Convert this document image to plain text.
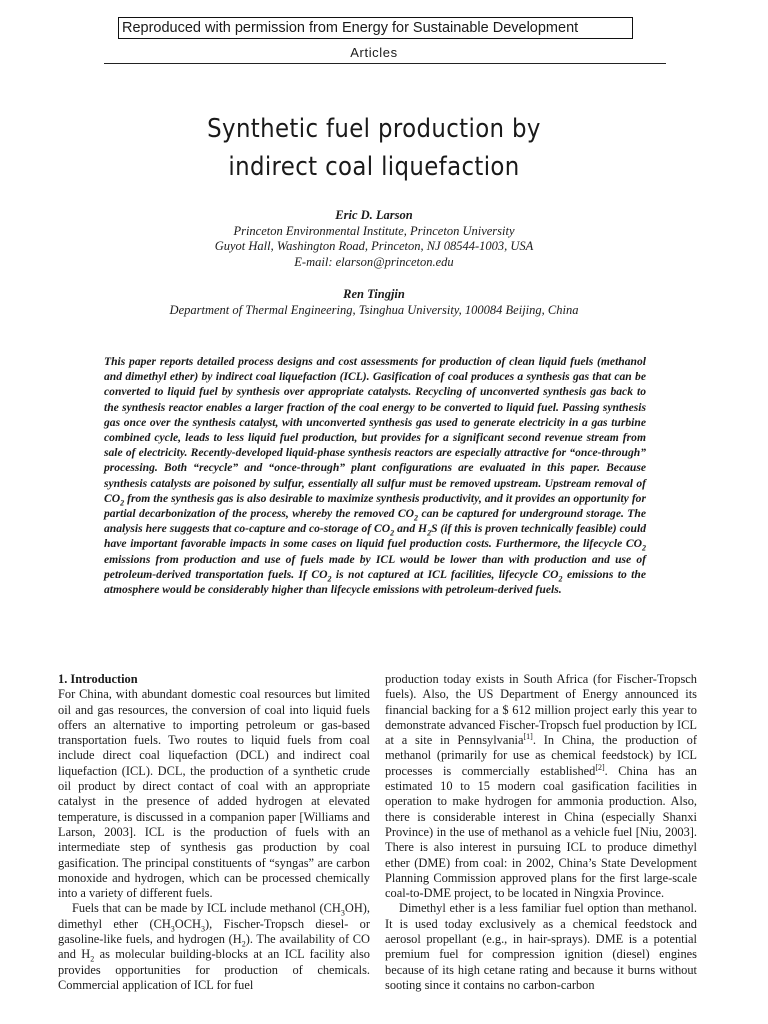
Reproduced with permission from Energy for Sustainable Development
Articles
Synthetic fuel production by
indirect coal liquefaction
Eric D. Larson
Princeton Environmental Institute, Princeton University
Guyot Hall, Washington Road, Princeton, NJ 08544-1003, USA
E-mail: elarson@princeton.edu
Ren Tingjin
Department of Thermal Engineering, Tsinghua University, 100084 Beijing, China

This paper reports detailed process designs and cost assessments for production of clean liquid fuels (methanol and dimethyl ether) by indirect coal liquefaction (ICL). Gasification of coal produces a synthesis gas that can be converted to liquid fuel by synthesis over appropriate catalysts. Recycling of unconverted synthesis gas back to the synthesis reactor enables a larger fraction of the coal energy to be converted to liquid fuel. Passing synthesis gas once over the synthesis catalyst, with unconverted synthesis gas used to generate electricity in a gas turbine combined cycle, leads to less liquid fuel production, but provides for a significant second revenue stream from sale of electricity. Recently-developed liquid-phase synthesis reactors are especially attractive for “once-through” processing. Both “recycle” and “once-through” plant configurations are evaluated in this paper. Because synthesis catalysts are poisoned by sulfur, essentially all sulfur must be removed upstream. Upstream removal of $CO_2$ from the synthesis gas is also desirable to maximize synthesis productivity, and it provides an opportunity for partial decarbonization of the process, whereby the removed $CO_2$ can be captured for underground storage. The analysis here suggests that co-capture and co-storage of $CO_2$ and $H_2S$ (if this is proven technically feasible) could have important favorable impacts in some cases on liquid fuel production costs. Furthermore, the lifecycle $CO_2$ emissions from production and use of fuels made by ICL would be lower than with production and use of petroleum-derived transportation fuels. If $CO_2$ is not captured at ICL facilities, lifecycle $CO_2$ emissions to the atmosphere would be considerably higher than lifecycle emissions with petroleum-derived fuels.

1. Introduction

For China, with abundant domestic coal resources but limited oil and gas resources, the conversion of coal into liquid fuels offers an alternative to importing petroleum or gas-based transportation fuels. Two routes to liquid fuels from coal include direct coal liquefaction (DCL) and indirect coal liquefaction (ICL). DCL, the production of a synthetic crude oil product by direct contact of coal with an appropriate catalyst in the presence of added hydrogen at elevated temperature, is discussed in a companion paper [Williams and Larson, 2003]. ICL is the production of fuels with an intermediate step of synthesis gas production by coal gasification. The principal constituents of “syngas” are carbon monoxide and hydrogen, which can be processed chemically into a variety of different fuels.

Fuels that can be made by ICL include methanol $(CH_3OH)$, dimethyl ether $(CH_3OCH_3)$, Fischer-Tropsch diesel- or gasoline-like fuels, and hydrogen $(H_2)$. The availability of CO and $H_2$ as molecular building-blocks at an ICL facility also provides opportunities for production of chemicals. Commercial application of ICL for fuel

production today exists in South Africa (for Fischer-Tropsch fuels). Also, the US Department of Energy announced its financial backing for a $ 612 million project early this year to demonstrate advanced Fischer-Tropsch fuel production by ICL at a site in Pennsylvania[1]. In China, the production of methanol (primarily for use as chemical feedstock) by ICL processes is commercially established[2]. China has an estimated 10 to 15 modern coal gasification facilities in operation to make hydrogen for ammonia production. Also, there is considerable interest in China (especially Shanxi Province) in the use of methanol as a vehicle fuel [Niu, 2003]. There is also interest in pursuing ICL to produce dimethyl ether (DME) from coal: in 2002, China’s State Development Planning Commission approved plans for the first large-scale coal-to-DME project, to be located in Ningxia Province.

Dimethyl ether is a less familiar fuel option than methanol. It is used today exclusively as a chemical feedstock and aerosol propellant (e.g., in hair-sprays). DME is a potential premium fuel for compression ignition (diesel) engines because of its high cetane rating and because it burns without sooting since it contains no carbon-carbon
